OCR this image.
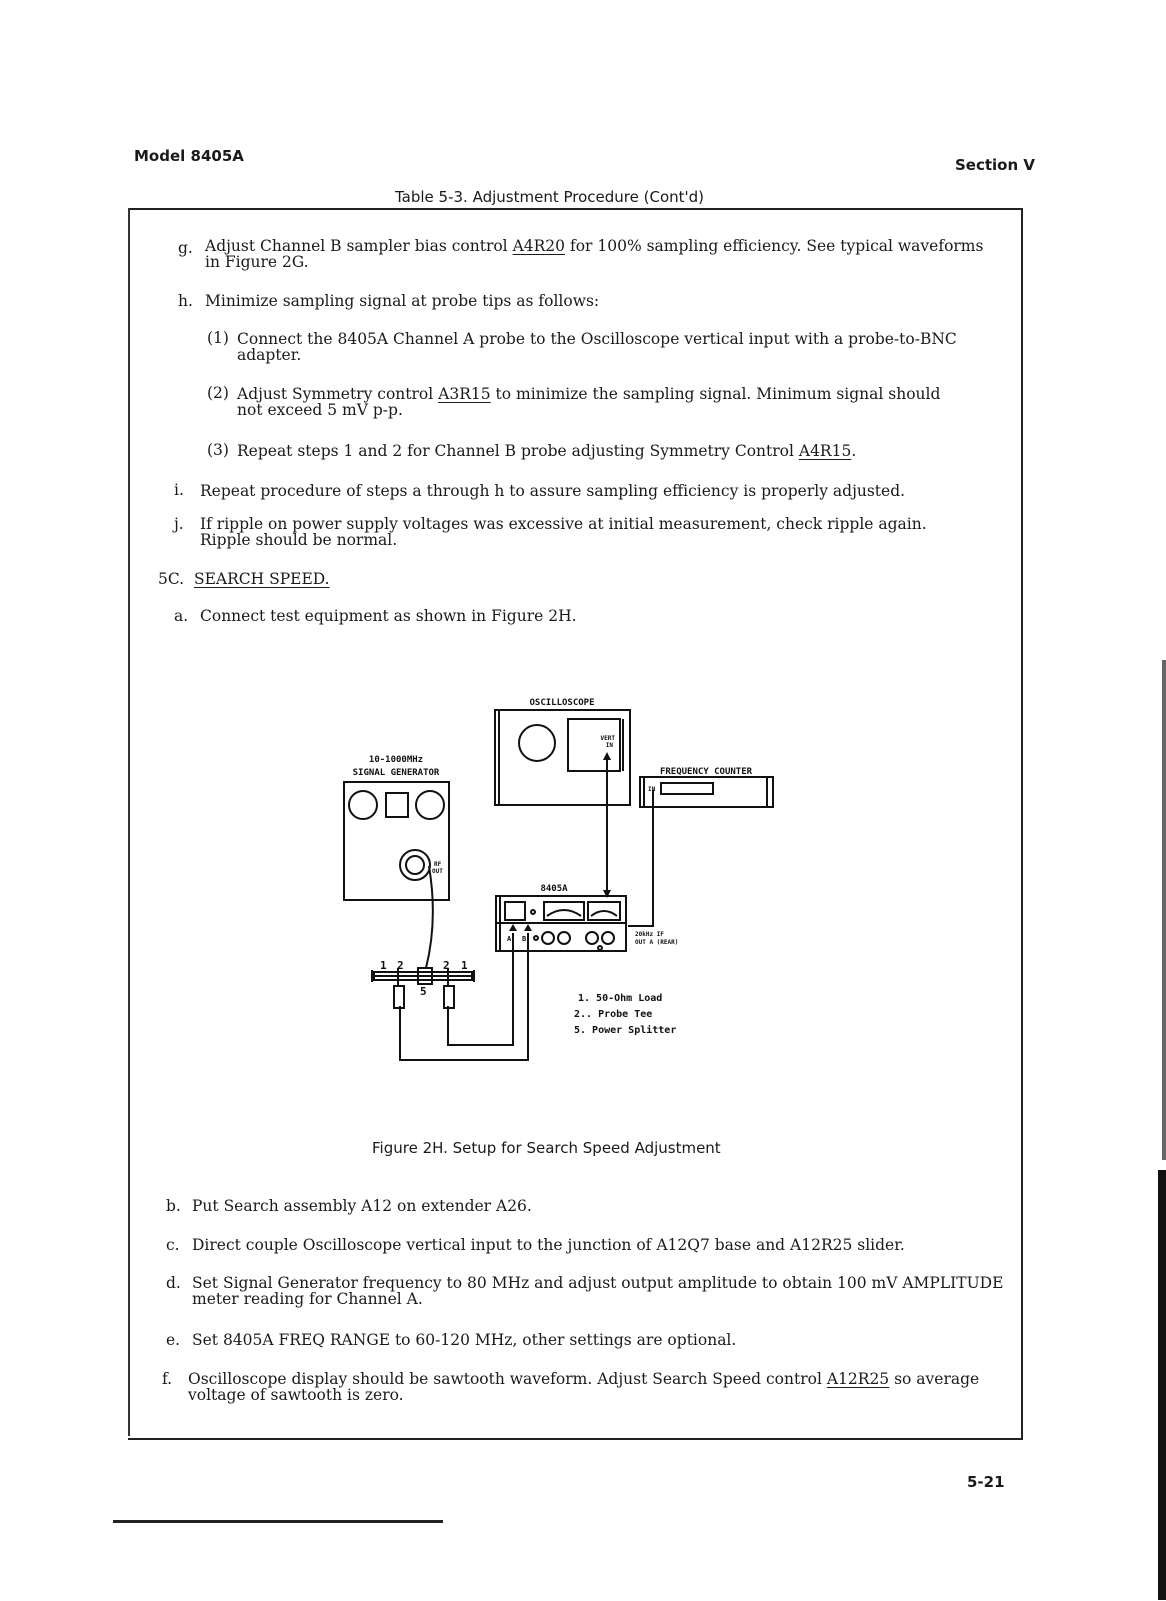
Model 8405A	Section V
Table 5-3. Adjustment Procedure (Cont'd)
g. Adjust Channel B sampler bias control A4R20 for 100% sampling efficiency. See typical waveforms
in Figure 2G.
h. Minimize sampling signal at probe tips as follows:
(1) Connect the 8405A Channel A probe to the Oscilloscope vertical input with a probe-to-BNC
adapter.
(2) Adjust Symmetry control A3R15 to minimize the sampling signal. Minimum signal should
not exceed 5 mV p-p.
(3) Repeat steps 1 and 2 for Channel B probe adjusting Symmetry Control A4R15.
i. Repeat procedure of steps a through h to assure sampling efficiency is properly adjusted.
j. If ripple on power supply voltages was excessive at initial measurement, check ripple again.
Ripple should be normal.
5C. SEARCH SPEED.
a. Connect test equipment as shown in Figure 2H.
OSCILLOSCOPE
VERT
IN
10-1000MHz
SIGNAL GENERATOR
RF
OUT
FREQUENCY COUNTER
IN
8405A
20kHz IF
OUT A (REAR)
A B
1 2	2 1
5
1. 50-Ohm Load
2.. Probe Tee
5. Power Splitter
Figure 2H. Setup for Search Speed Adjustment
b. Put Search assembly A12 on extender A26.
c. Direct couple Oscilloscope vertical input to the junction of A12Q7 base and A12R25 slider.
d. Set Signal Generator frequency to 80 MHz and adjust output amplitude to obtain 100 mV AMPLITUDE
meter reading for Channel A.
e. Set 8405A FREQ RANGE to 60-120 MHz, other settings are optional.
f. Oscilloscope display should be sawtooth waveform. Adjust Search Speed control A12R25 so average
voltage of sawtooth is zero.
5-21
